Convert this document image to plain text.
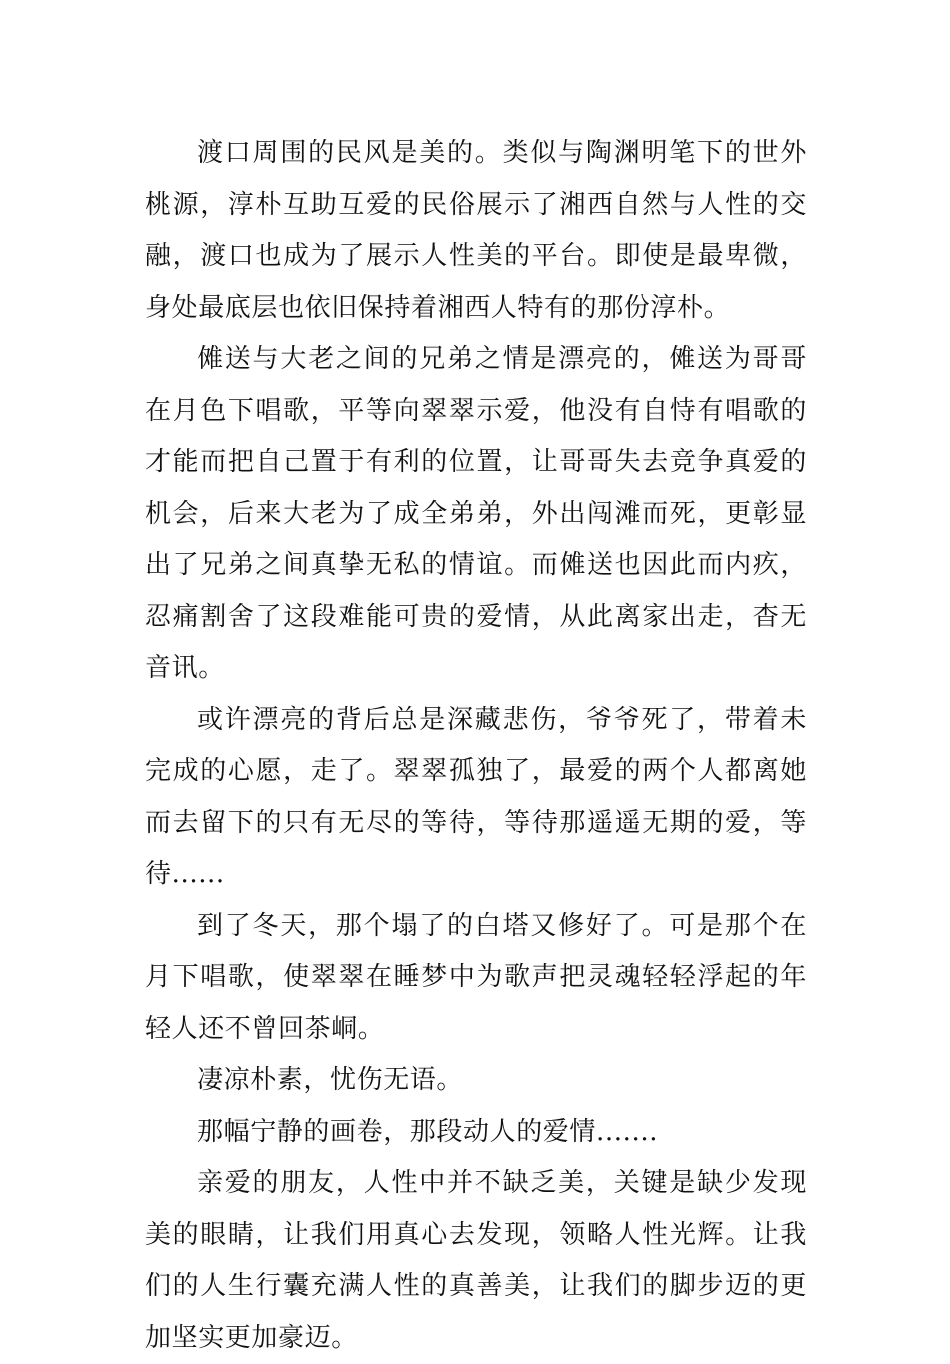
渡口周围的民风是美的。类似与陶渊明笔下的世外桃源，淳朴互助互爱的民俗展示了湘西自然与人性的交融，渡口也成为了展示人性美的平台。即使是最卑微，身处最底层也依旧保持着湘西人特有的那份淳朴。

傩送与大老之间的兄弟之情是漂亮的，傩送为哥哥在月色下唱歌，平等向翠翠示爱，他没有自恃有唱歌的才能而把自己置于有利的位置，让哥哥失去竞争真爱的机会，后来大老为了成全弟弟，外出闯滩而死，更彰显出了兄弟之间真挚无私的情谊。而傩送也因此而内疚，忍痛割舍了这段难能可贵的爱情，从此离家出走，杳无音讯。

或许漂亮的背后总是深藏悲伤，爷爷死了，带着未完成的心愿，走了。翠翠孤独了，最爱的两个人都离她而去留下的只有无尽的等待，等待那遥遥无期的爱，等待......

到了冬天，那个塌了的白塔又修好了。可是那个在月下唱歌，使翠翠在睡梦中为歌声把灵魂轻轻浮起的年轻人还不曾回茶峒。

凄凉朴素，忧伤无语。

那幅宁静的画卷，那段动人的爱情.......

亲爱的朋友，人性中并不缺乏美，关键是缺少发现美的眼睛，让我们用真心去发现，领略人性光辉。让我们的人生行囊充满人性的真善美，让我们的脚步迈的更加坚实更加豪迈。
